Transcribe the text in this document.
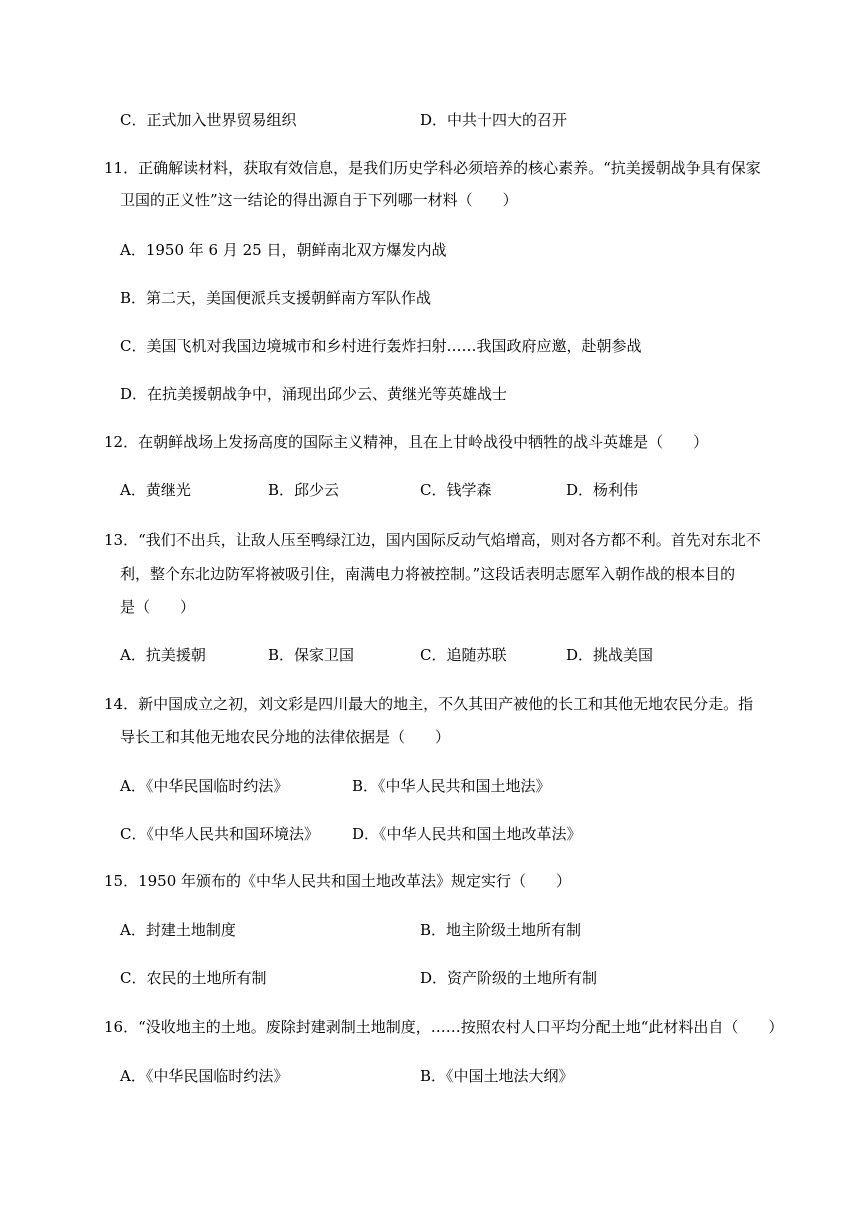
C．正式加入世界贸易组织	D．中共十四大的召开
11．正确解读材料，获取有效信息，是我们历史学科必须培养的核心素养。“抗美援朝战争具有保家
卫国的正义性”这一结论的得出源自于下列哪一材料（　　）
A．1950 年 6 月 25 日，朝鲜南北双方爆发内战
B．第二天，美国便派兵支援朝鲜南方军队作战
C．美国飞机对我国边境城市和乡村进行轰炸扫射……我国政府应邀，赴朝参战
D．在抗美援朝战争中，涌现出邱少云、黄继光等英雄战士
12．在朝鲜战场上发扬高度的国际主义精神，且在上甘岭战役中牺牲的战斗英雄是（　　）
A．黄继光	B．邱少云	C．钱学森	D．杨利伟
13．“我们不出兵，让敌人压至鸭绿江边，国内国际反动气焰增高，则对各方都不利。首先对东北不
利，整个东北边防军将被吸引住，南满电力将被控制。”这段话表明志愿军入朝作战的根本目的
是（　　）
A．抗美援朝	B．保家卫国	C．追随苏联	D．挑战美国
14．新中国成立之初，刘文彩是四川最大的地主，不久其田产被他的长工和其他无地农民分走。指
导长工和其他无地农民分地的法律依据是（　　）
A．《中华民国临时约法》	B．《中华人民共和国土地法》
C．《中华人民共和国环境法》 D．《中华人民共和国土地改革法》
15．1950 年颁布的《中华人民共和国土地改革法》规定实行（　　）
A．封建土地制度	B．地主阶级土地所有制
C．农民的土地所有制	D．资产阶级的土地所有制
16．“没收地主的土地。废除封建剥制土地制度，……按照农村人口平均分配土地“此材料出自（　　）
A．《中华民国临时约法》	B．《中国土地法大纲》
